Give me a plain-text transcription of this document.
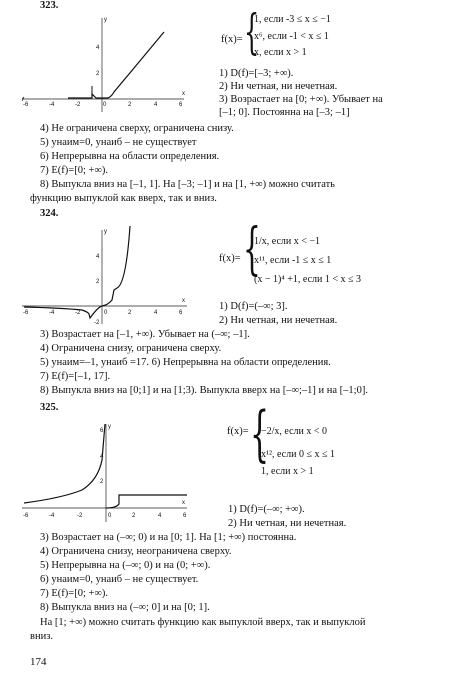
323.
y
x
-6	-4	-2	0	2	4	6
4
2
f(x)= {
1, если -3 ≤ x ≤ −1
x⁶, если -1 < x ≤ 1
x, если x > 1
1) D(f)=[–3; +∞).
2) Ни четная, ни нечетная.
3) Возрастает на [0; +∞). Убывает на
[–1; 0]. Постоянна на [–3; –1]
4) Не ограничена сверху, ограничена снизу.
5) yнаим=0, yнаиб – не существует
6) Непрерывна на области определения.
7) E(f)=[0; +∞).
8) Выпукла вниз на [–1, 1]. На [–3; –1] и на [1, +∞) можно считать
функцию выпуклой как вверх, так и вниз.
324.
y
x
-6	-4	-2	0	2	4	6
4
2
-2
f(x)= {
1/x, если x < −1
x¹¹, если -1 ≤ x ≤ 1
(x − 1)⁴ +1, если 1 < x ≤ 3
1) D(f)=(–∞; 3].
2) Ни четная, ни нечетная.
3) Возрастает на [–1, +∞). Убывает на (–∞; –1].
4) Ограничена снизу, ограничена сверху.
5) yнаим=–1, yнаиб =17. 6) Непрерывна на области определения.
7) E(f)=[–1, 17].
8) Выпукла вниз на [0;1] и на [1;3). Выпукла вверх на [–∞;–1] и на [–1;0].
325.
y
x
-6	-4	-2	0	2	4	6
6
4
2
f(x)= {
−2/x, если x < 0
x¹², если 0 ≤ x ≤ 1
1, если x > 1
1) D(f)=(–∞; +∞).
2) Ни четная, ни нечетная.
3) Возрастает на (–∞; 0) и на [0; 1]. На [1; +∞) постоянна.
4) Ограничена снизу, неограничена сверху.
5) Непрерывна на (–∞; 0) и на (0; +∞).
6) yнаим=0, yнаиб – не существует.
7) E(f)=[0; +∞).
8) Выпукла вниз на (–∞; 0] и на [0; 1].
На [1; +∞) можно считать функцию как выпуклой вверх, так и выпуклой
вниз.
174
